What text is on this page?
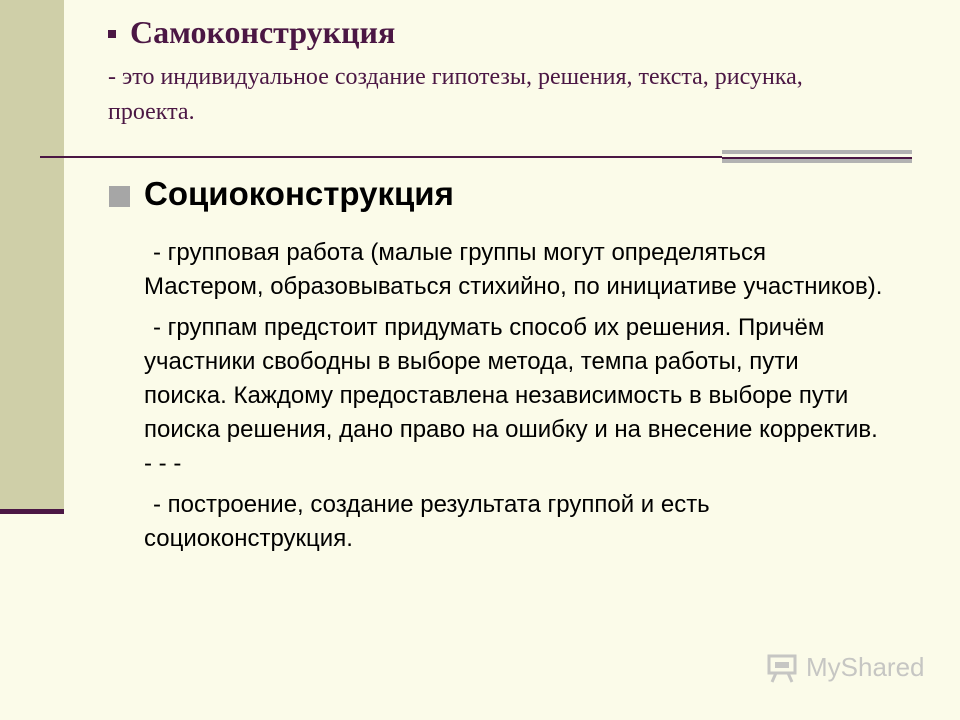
Самоконструкция
- это индивидуальное создание гипотезы, решения, текста, рисунка, проекта.
Социоконструкция

- групповая работа (малые группы могут определяться Мастером, образовываться стихийно, по инициативе участников).

- группам предстоит придумать способ их решения. Причём участники свободны в выборе метода, темпа работы, пути поиска. Каждому предоставлена независимость в выборе пути поиска решения, дано право на ошибку и на внесение корректив. - - -

- построение, создание результата группой и есть социоконструкция.

MyShared
